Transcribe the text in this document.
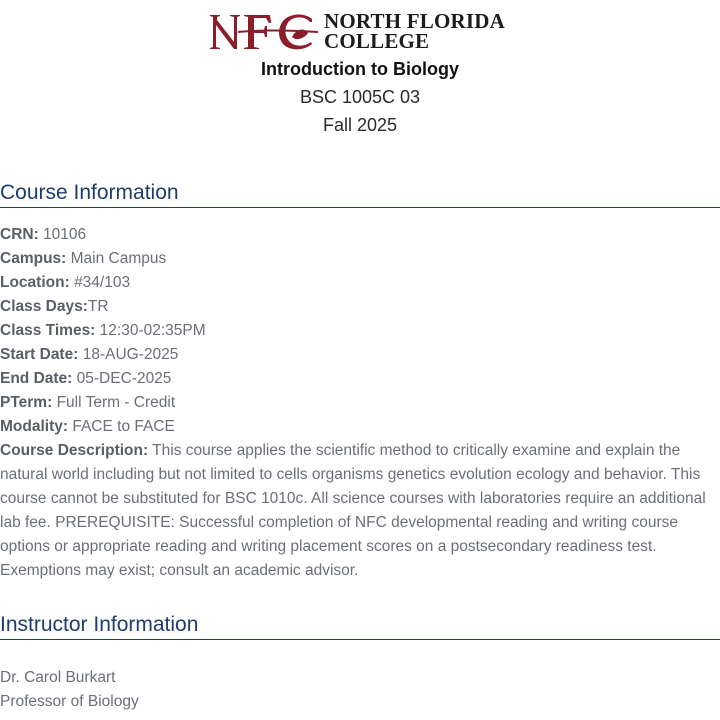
NORTH FLORIDA
COLLEGE
Introduction to Biology
BSC 1005C 03
Fall 2025
Course Information
CRN: 10106
Campus: Main Campus
Location: #34/103
Class Days:TR
Class Times: 12:30-02:35PM
Start Date: 18-AUG-2025
End Date: 05-DEC-2025
PTerm: Full Term - Credit
Modality: FACE to FACE
Course Description: This course applies the scientific method to critically examine and explain the natural world including but not limited to cells organisms genetics evolution ecology and behavior. This course cannot be substituted for BSC 1010c. All science courses with laboratories require an additional lab fee. PREREQUISITE: Successful completion of NFC developmental reading and writing course options or appropriate reading and writing placement scores on a postsecondary readiness test. Exemptions may exist; consult an academic advisor.
Instructor Information
Dr. Carol Burkart
Professor of Biology
